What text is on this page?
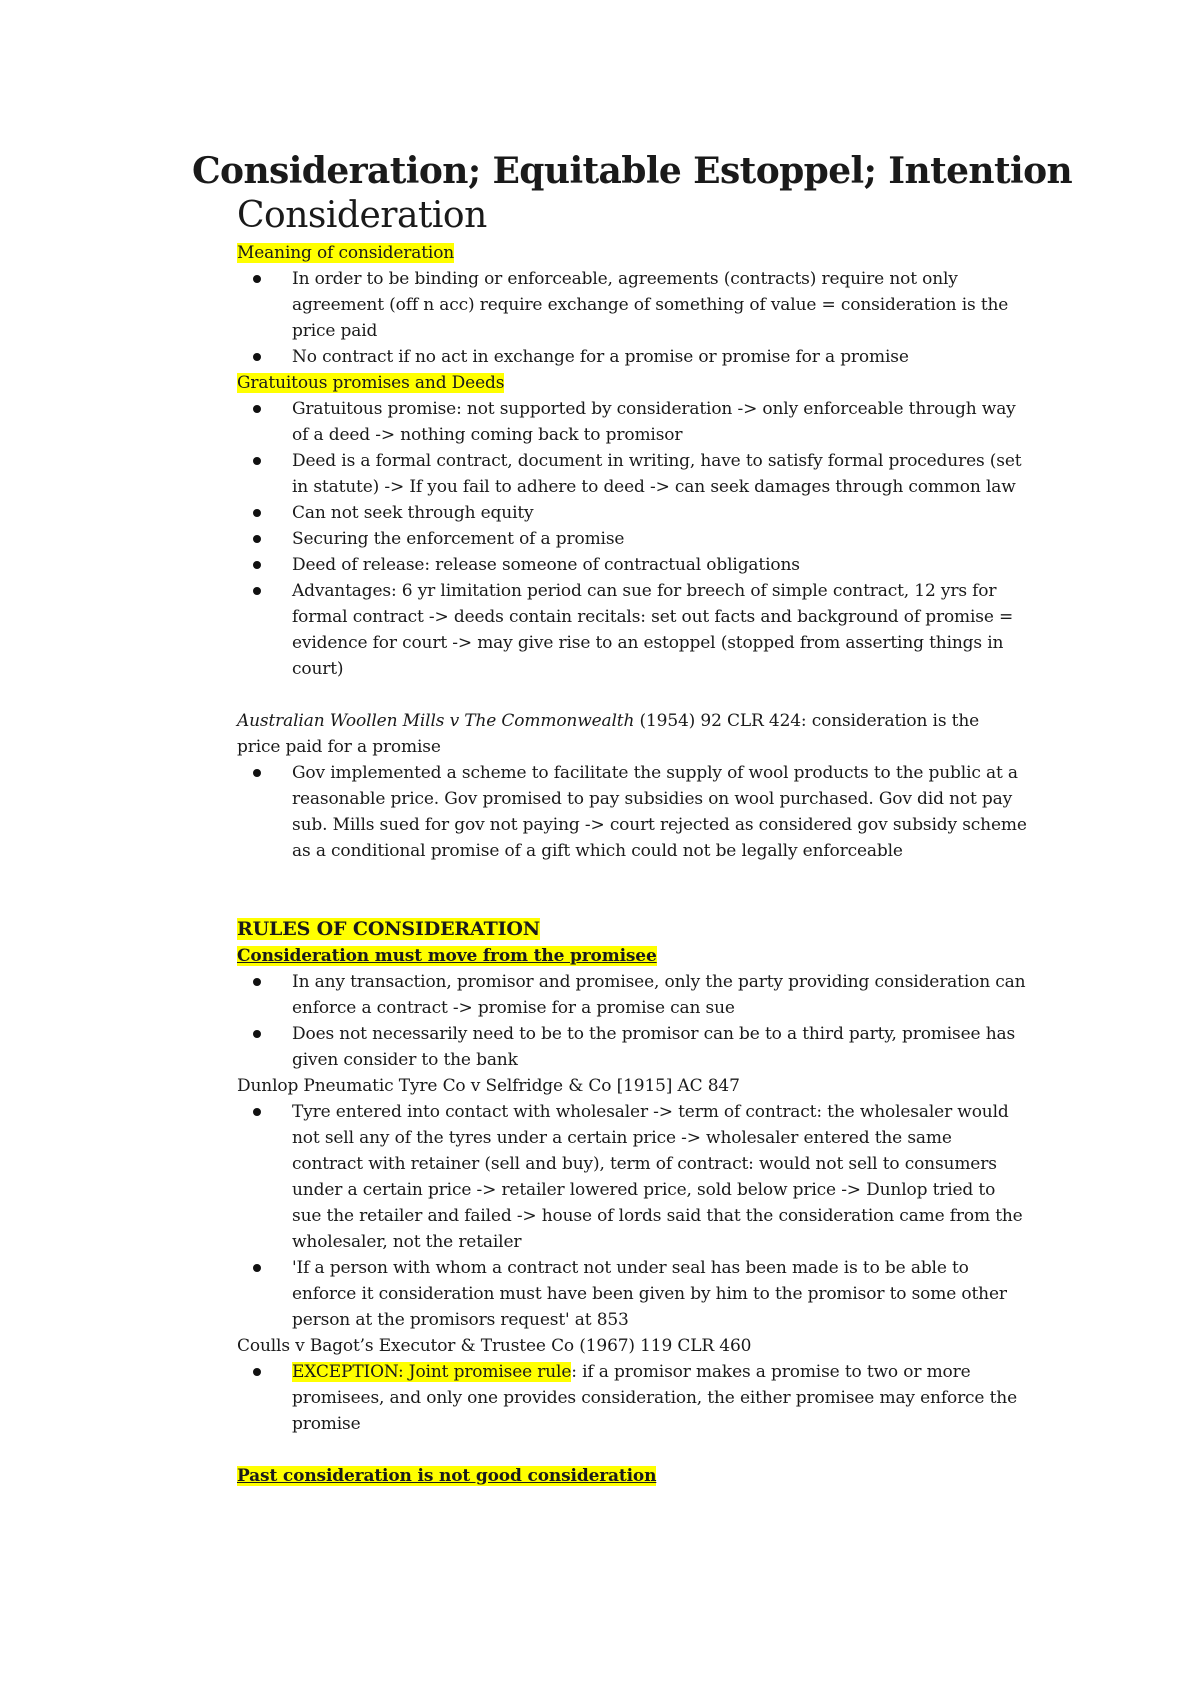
Consideration; Equitable Estoppel; Intention
Consideration

Meaning of consideration

In order to be binding or enforceable, agreements (contracts) require not only agreement (off n acc) require exchange of something of value = consideration is the price paid
No contract if no act in exchange for a promise or promise for a promise

Gratuitous promises and Deeds

Gratuitous promise: not supported by consideration -> only enforceable through way of a deed -> nothing coming back to promisor
Deed is a formal contract, document in writing, have to satisfy formal procedures (set in statute) -> If you fail to adhere to deed -> can seek damages through common law
Can not seek through equity
Securing the enforcement of a promise
Deed of release: release someone of contractual obligations
Advantages: 6 yr limitation period can sue for breech of simple contract, 12 yrs for formal contract -> deeds contain recitals: set out facts and background of promise = evidence for court -> may give rise to an estoppel (stopped from asserting things in court)

Australian Woollen Mills v The Commonwealth (1954) 92 CLR 424: consideration is the price paid for a promise

Gov implemented a scheme to facilitate the supply of wool products to the public at a reasonable price. Gov promised to pay subsidies on wool purchased. Gov did not pay sub. Mills sued for gov not paying -> court rejected as considered gov subsidy scheme as a conditional promise of a gift which could not be legally enforceable

RULES OF CONSIDERATION

Consideration must move from the promisee

In any transaction, promisor and promisee, only the party providing consideration can enforce a contract -> promise for a promise can sue
Does not necessarily need to be to the promisor can be to a third party, promisee has given consider to the bank

Dunlop Pneumatic Tyre Co v Selfridge & Co [1915] AC 847

Tyre entered into contact with wholesaler -> term of contract: the wholesaler would not sell any of the tyres under a certain price -> wholesaler entered the same contract with retainer (sell and buy), term of contract: would not sell to consumers under a certain price -> retailer lowered price, sold below price -> Dunlop tried to sue the retailer and failed -> house of lords said that the consideration came from the wholesaler, not the retailer
'If a person with whom a contract not under seal has been made is to be able to enforce it consideration must have been given by him to the promisor to some other person at the promisors request' at 853

Coulls v Bagot’s Executor & Trustee Co (1967) 119 CLR 460

EXCEPTION: Joint promisee rule: if a promisor makes a promise to two or more promisees, and only one provides consideration, the either promisee may enforce the promise

Past consideration is not good consideration
